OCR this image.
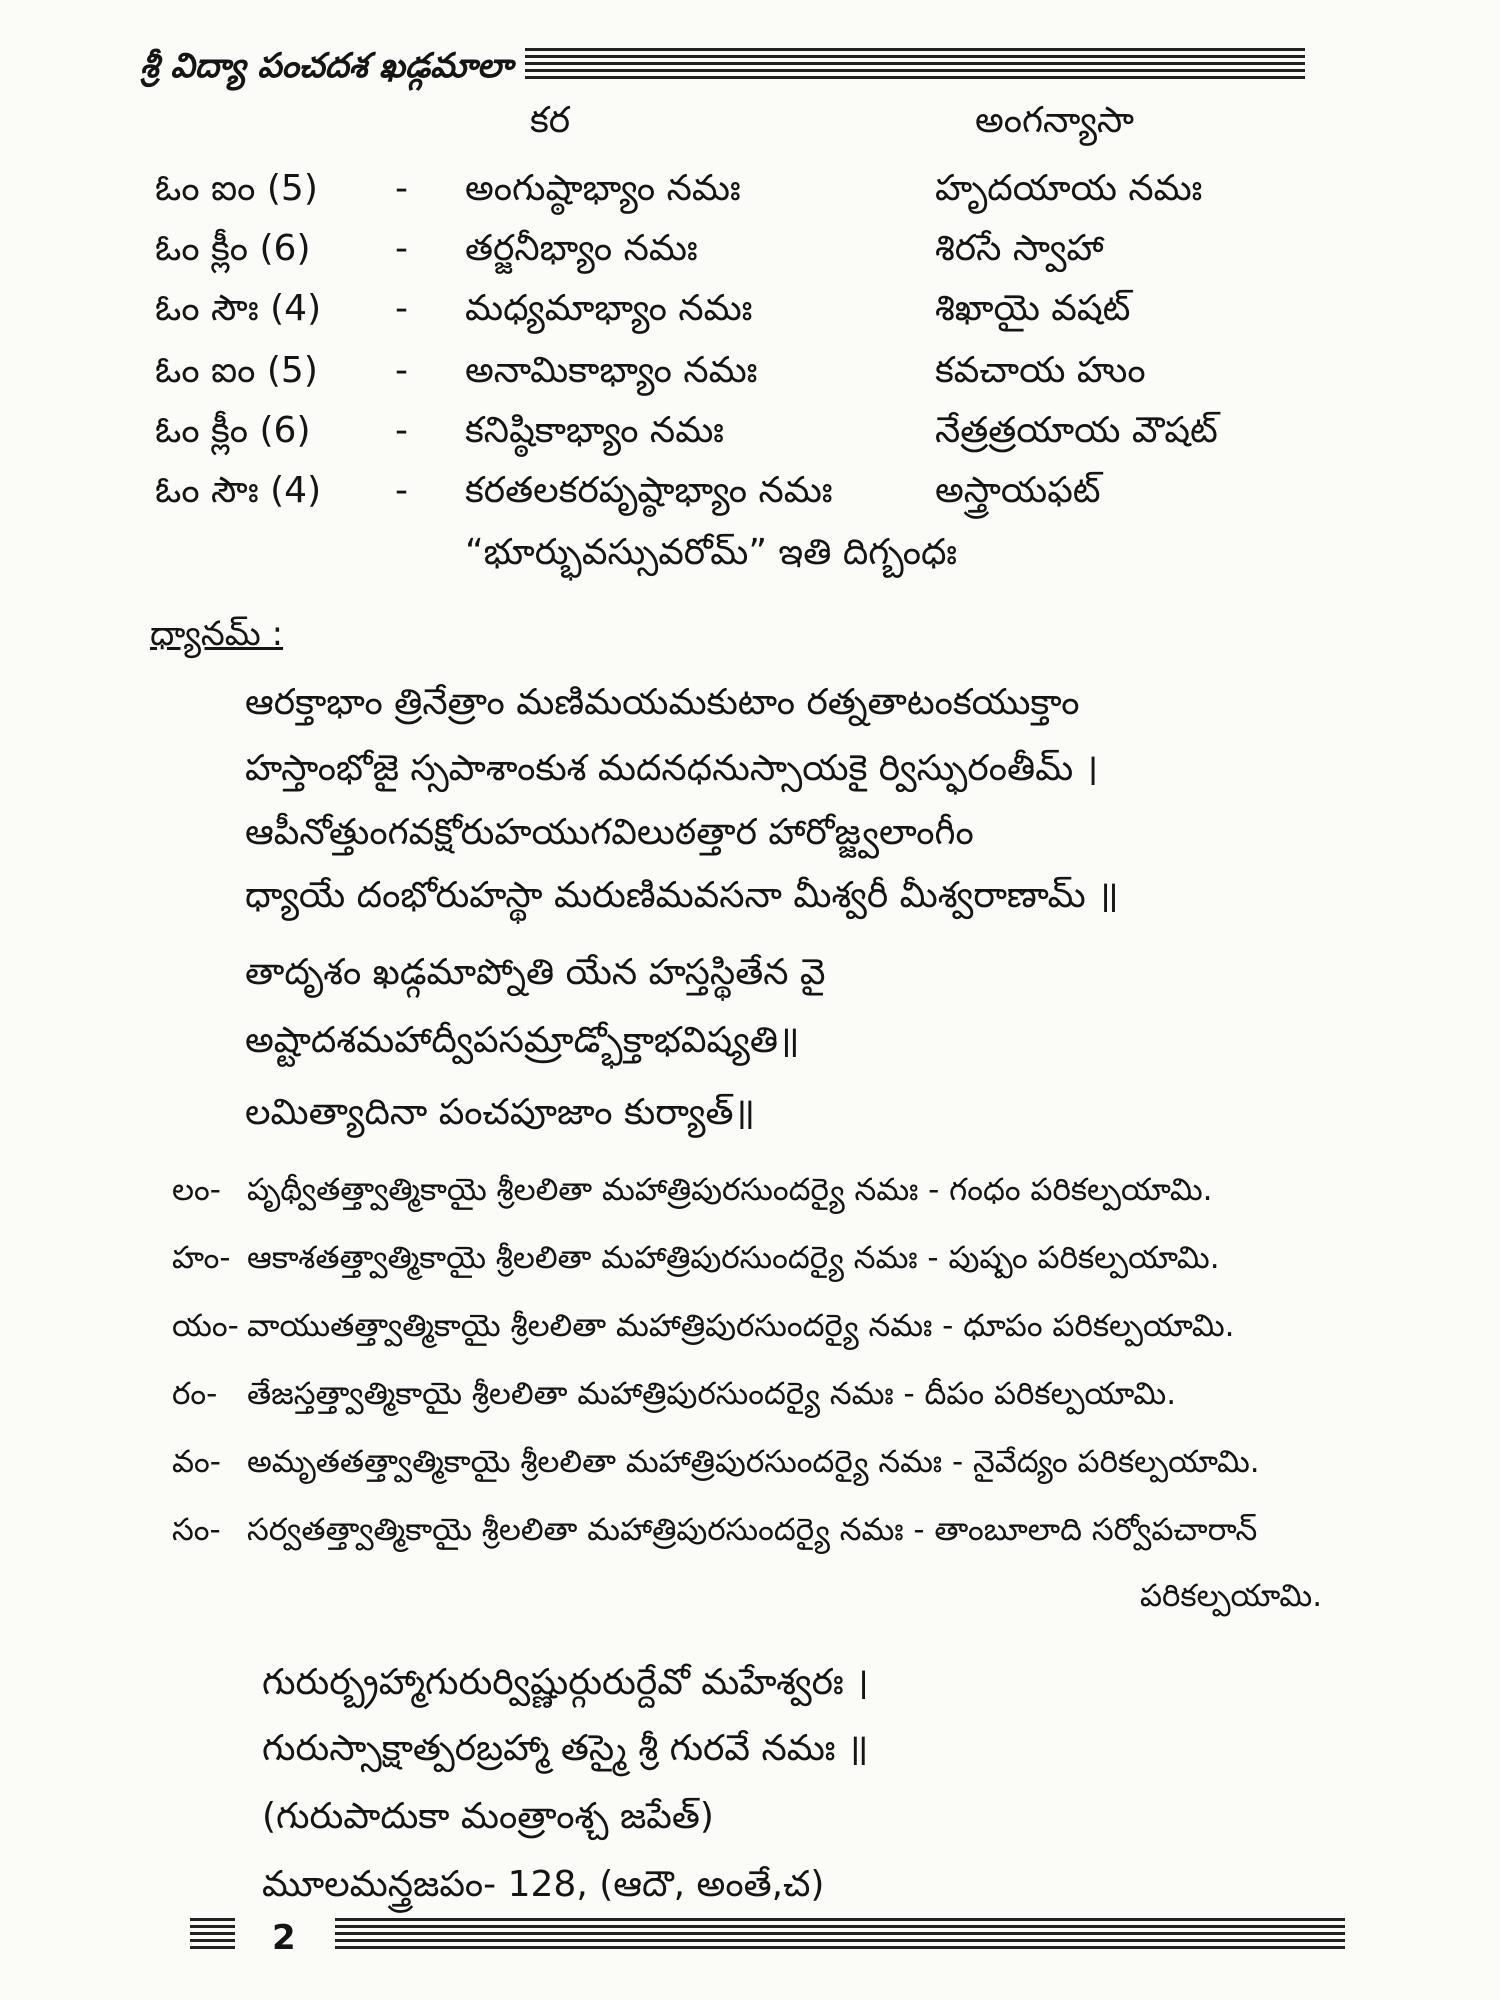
శ్రీ విద్యా పంచదశ ఖడ్గమాలా
కర	అంగన్యాసా
ఓం ఐం (5) - అంగుష్ఠాభ్యాం నమః	హృదయాయ నమః
ఓం క్లీం (6) - తర్జనీభ్యాం నమః	శిరసే స్వాహా
ఓం సౌః (4) - మధ్యమాభ్యాం నమః	శిఖాయై వషట్
ఓం ఐం (5) - అనామికాభ్యాం నమః	కవచాయ హుం
ఓం క్లీం (6) - కనిష్ఠికాభ్యాం నమః	నేత్రత్రయాయ వౌషట్
ఓం సౌః (4) - కరతలకరపృష్ఠాభ్యాం నమః	అస్త్రాయఫట్
“భూర్భువస్సువరోమ్” ఇతి దిగ్బంధః
ధ్యానమ్ :
ఆరక్తాభాం త్రినేత్రాం మణిమయమకుటాం రత్నతాటంకయుక్తాం
హస్తాంభోజై స్సపాశాంకుశ మదనధనుస్సాయకై ర్విస్ఫురంతీమ్ ।
ఆపీనోత్తుంగవక్షోరుహయుగవిలుఠత్తార హారోజ్జ్వలాంగీం
ధ్యాయే దంభోరుహస్థా మరుణిమవసనా మీశ్వరీ మీశ్వరాణామ్ ॥
తాదృశం ఖడ్గమాప్నోతి యేన హస్తస్థితేన వై
అష్టాదశమహాద్వీపసమ్రాడ్భోక్తాభవిష్యతి॥
లమిత్యాదినా పంచపూజాం కుర్యాత్॥
లం- పృథ్వీతత్త్వాత్మికాయై శ్రీలలితా మహాత్రిపురసుందర్యై నమః - గంధం పరికల్పయామి.
హం- ఆకాశతత్త్వాత్మికాయై శ్రీలలితా మహాత్రిపురసుందర్యై నమః - పుష్పం పరికల్పయామి.
యం- వాయుతత్త్వాత్మికాయై శ్రీలలితా మహాత్రిపురసుందర్యై నమః - ధూపం పరికల్పయామి.
రం- తేజస్తత్త్వాత్మికాయై శ్రీలలితా మహాత్రిపురసుందర్యై నమః - దీపం పరికల్పయామి.
వం- అమృతతత్త్వాత్మికాయై శ్రీలలితా మహాత్రిపురసుందర్యై నమః - నైవేద్యం పరికల్పయామి.
సం- సర్వతత్త్వాత్మికాయై శ్రీలలితా మహాత్రిపురసుందర్యై నమః - తాంబూలాది సర్వోపచారాన్
పరికల్పయామి.
గురుర్బ్రహ్మాగురుర్విష్ణుర్గురుర్దేవో మహేశ్వరః ।
గురుస్సాక్షాత్పరబ్రహ్మా తస్మై శ్రీ గురవే నమః ॥
(గురుపాదుకా మంత్రాంశ్చ జపేత్)
మూలమన్త్రజపం- 128, (ఆదౌ, అంతే,చ)
2
